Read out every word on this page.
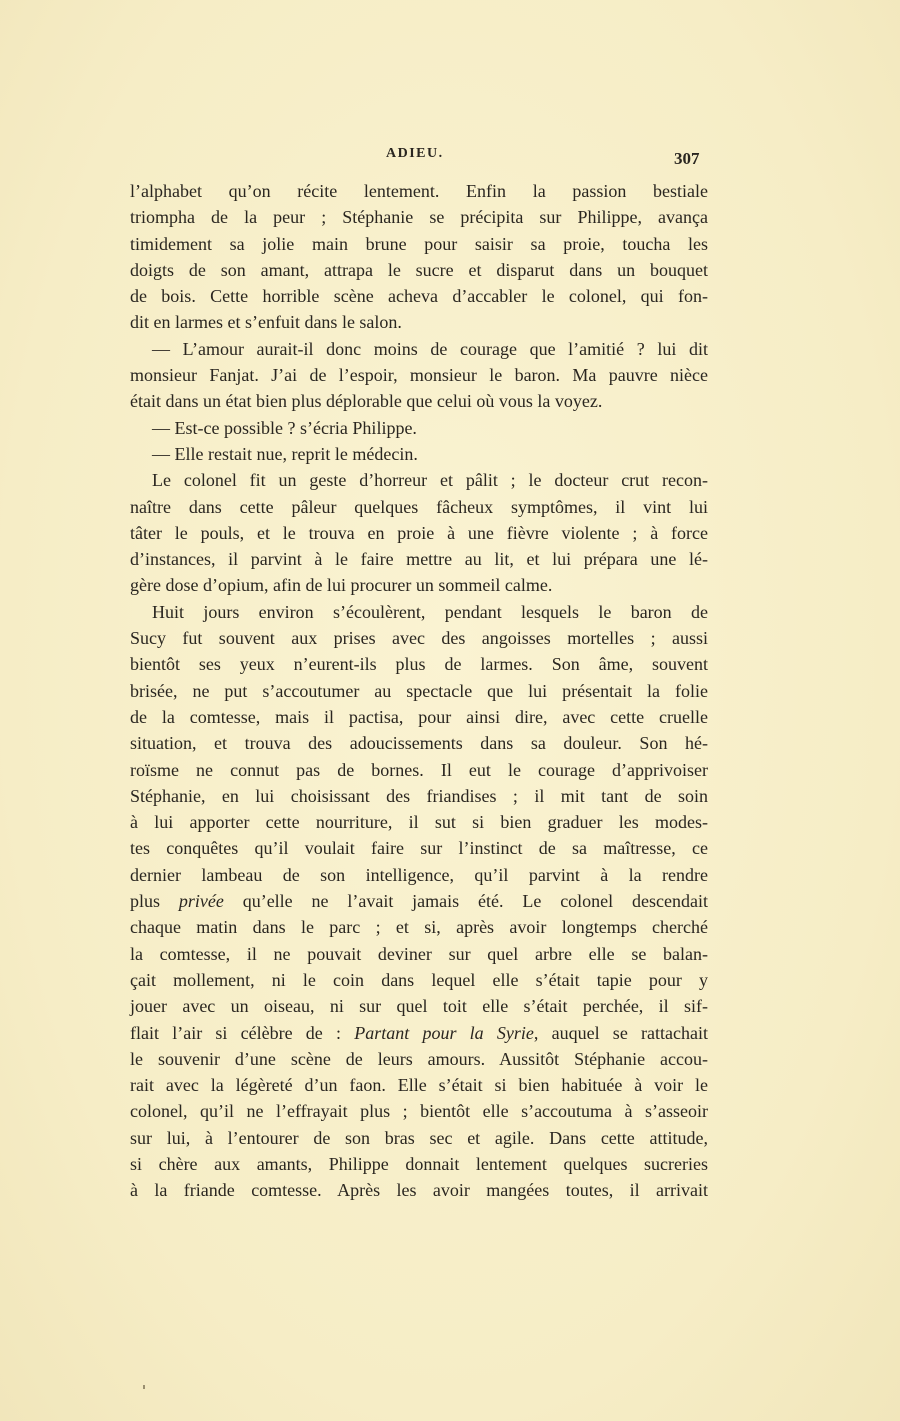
ADIEU.	307
l’alphabet qu’on récite lentement. Enfin la passion bestiale
triompha de la peur ; Stéphanie se précipita sur Philippe, avança
timidement sa jolie main brune pour saisir sa proie, toucha les
doigts de son amant, attrapa le sucre et disparut dans un bouquet
de bois. Cette horrible scène acheva d’accabler le colonel, qui fon-
dit en larmes et s’enfuit dans le salon.
— L’amour aurait-il donc moins de courage que l’amitié ? lui dit
monsieur Fanjat. J’ai de l’espoir, monsieur le baron. Ma pauvre nièce
était dans un état bien plus déplorable que celui où vous la voyez.
— Est-ce possible ? s’écria Philippe.
— Elle restait nue, reprit le médecin.
Le colonel fit un geste d’horreur et pâlit ; le docteur crut recon-
naître dans cette pâleur quelques fâcheux symptômes, il vint lui
tâter le pouls, et le trouva en proie à une fièvre violente ; à force
d’instances, il parvint à le faire mettre au lit, et lui prépara une lé-
gère dose d’opium, afin de lui procurer un sommeil calme.
Huit jours environ s’écoulèrent, pendant lesquels le baron de
Sucy fut souvent aux prises avec des angoisses mortelles ; aussi
bientôt ses yeux n’eurent-ils plus de larmes. Son âme, souvent
brisée, ne put s’accoutumer au spectacle que lui présentait la folie
de la comtesse, mais il pactisa, pour ainsi dire, avec cette cruelle
situation, et trouva des adoucissements dans sa douleur. Son hé-
roïsme ne connut pas de bornes. Il eut le courage d’apprivoiser
Stéphanie, en lui choisissant des friandises ; il mit tant de soin
à lui apporter cette nourriture, il sut si bien graduer les modes-
tes conquêtes qu’il voulait faire sur l’instinct de sa maîtresse, ce
dernier lambeau de son intelligence, qu’il parvint à la rendre
plus privée qu’elle ne l’avait jamais été. Le colonel descendait
chaque matin dans le parc ; et si, après avoir longtemps cherché
la comtesse, il ne pouvait deviner sur quel arbre elle se balan-
çait mollement, ni le coin dans lequel elle s’était tapie pour y
jouer avec un oiseau, ni sur quel toit elle s’était perchée, il sif-
flait l’air si célèbre de : Partant pour la Syrie, auquel se rattachait
le souvenir d’une scène de leurs amours. Aussitôt Stéphanie accou-
rait avec la légèreté d’un faon. Elle s’était si bien habituée à voir le
colonel, qu’il ne l’effrayait plus ; bientôt elle s’accoutuma à s’asseoir
sur lui, à l’entourer de son bras sec et agile. Dans cette attitude,
si chère aux amants, Philippe donnait lentement quelques sucreries
à la friande comtesse. Après les avoir mangées toutes, il arrivait
